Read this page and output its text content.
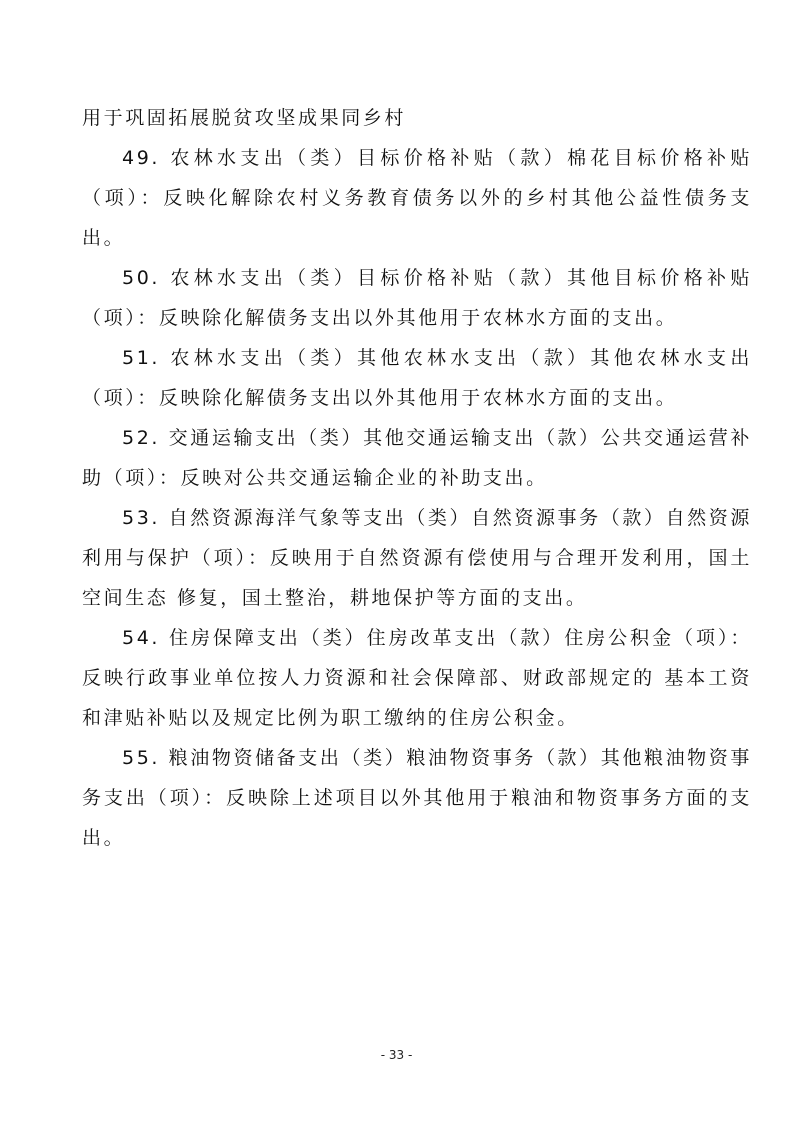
用于巩固拓展脱贫攻坚成果同乡村

49. 农林水支出（类）目标价格补贴（款）棉花目标价格补贴（项）：反映化解除农村义务教育债务以外的乡村其他公益性债务支出。

50. 农林水支出（类）目标价格补贴（款）其他目标价格补贴（项）：反映除化解债务支出以外其他用于农林水方面的支出。

51. 农林水支出（类）其他农林水支出（款）其他农林水支出（项）：反映除化解债务支出以外其他用于农林水方面的支出。

52. 交通运输支出（类）其他交通运输支出（款）公共交通运营补助（项）：反映对公共交通运输企业的补助支出。

53. 自然资源海洋气象等支出（类）自然资源事务（款）自然资源利用与保护（项）：反映用于自然资源有偿使用与合理开发利用，国土空间生态 修复，国土整治，耕地保护等方面的支出。

54. 住房保障支出（类）住房改革支出（款）住房公积金（项）：反映行政事业单位按人力资源和社会保障部、财政部规定的 基本工资和津贴补贴以及规定比例为职工缴纳的住房公积金。

55. 粮油物资储备支出（类）粮油物资事务（款）其他粮油物资事务支出（项）：反映除上述项目以外其他用于粮油和物资事务方面的支出。

- 33 -
